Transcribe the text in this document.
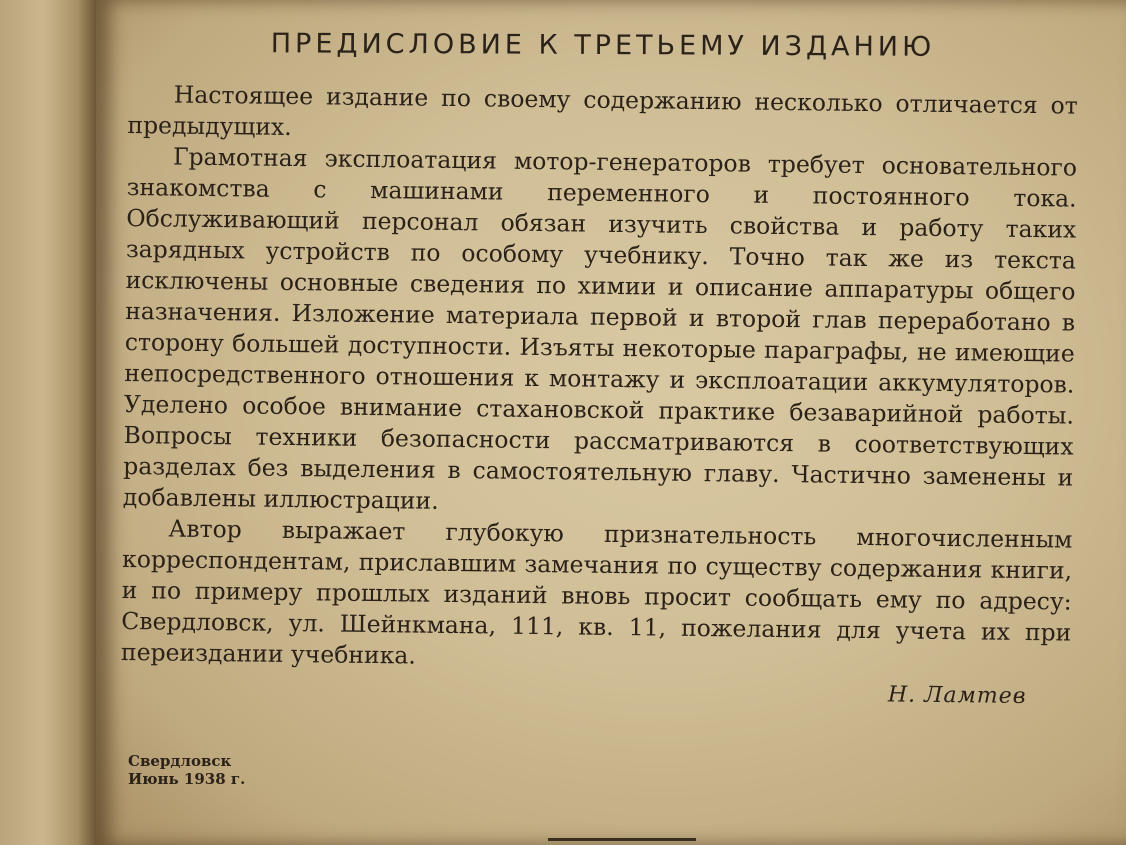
ПРЕДИСЛОВИЕ К ТРЕТЬЕМУ ИЗДАНИЮ

Настоящее издание по своему содержанию несколько отличается от предыдущих.

Грамотная эксплоатация мотор-генераторов требует основательного знакомства с машинами переменного и постоянного тока. Обслуживающий персонал обязан изучить свойства и работу таких зарядных устройств по особому учебнику. Точно так же из текста исключены основные сведения по химии и описание аппаратуры общего назначения. Изложение материала первой и второй глав переработано в сторону большей доступности. Изъяты некоторые параграфы, не имеющие непосредственного отношения к монтажу и эксплоатации аккумуляторов. Уделено особое внимание стахановской практике безаварийной работы. Вопросы техники безопасности рассматриваются в соответствующих разделах без выделения в самостоятельную главу. Частично заменены и добавлены иллюстрации.

Автор выражает глубокую признательность многочисленным корреспондентам, приславшим замечания по существу содержания книги, и по примеру прошлых изданий вновь просит сообщать ему по адресу: Свердловск, ул. Шейнкмана, 111, кв. 11, пожелания для учета их при переиздании учебника.

Н. Ламтев
Свердловск
Июнь 1938 г.
